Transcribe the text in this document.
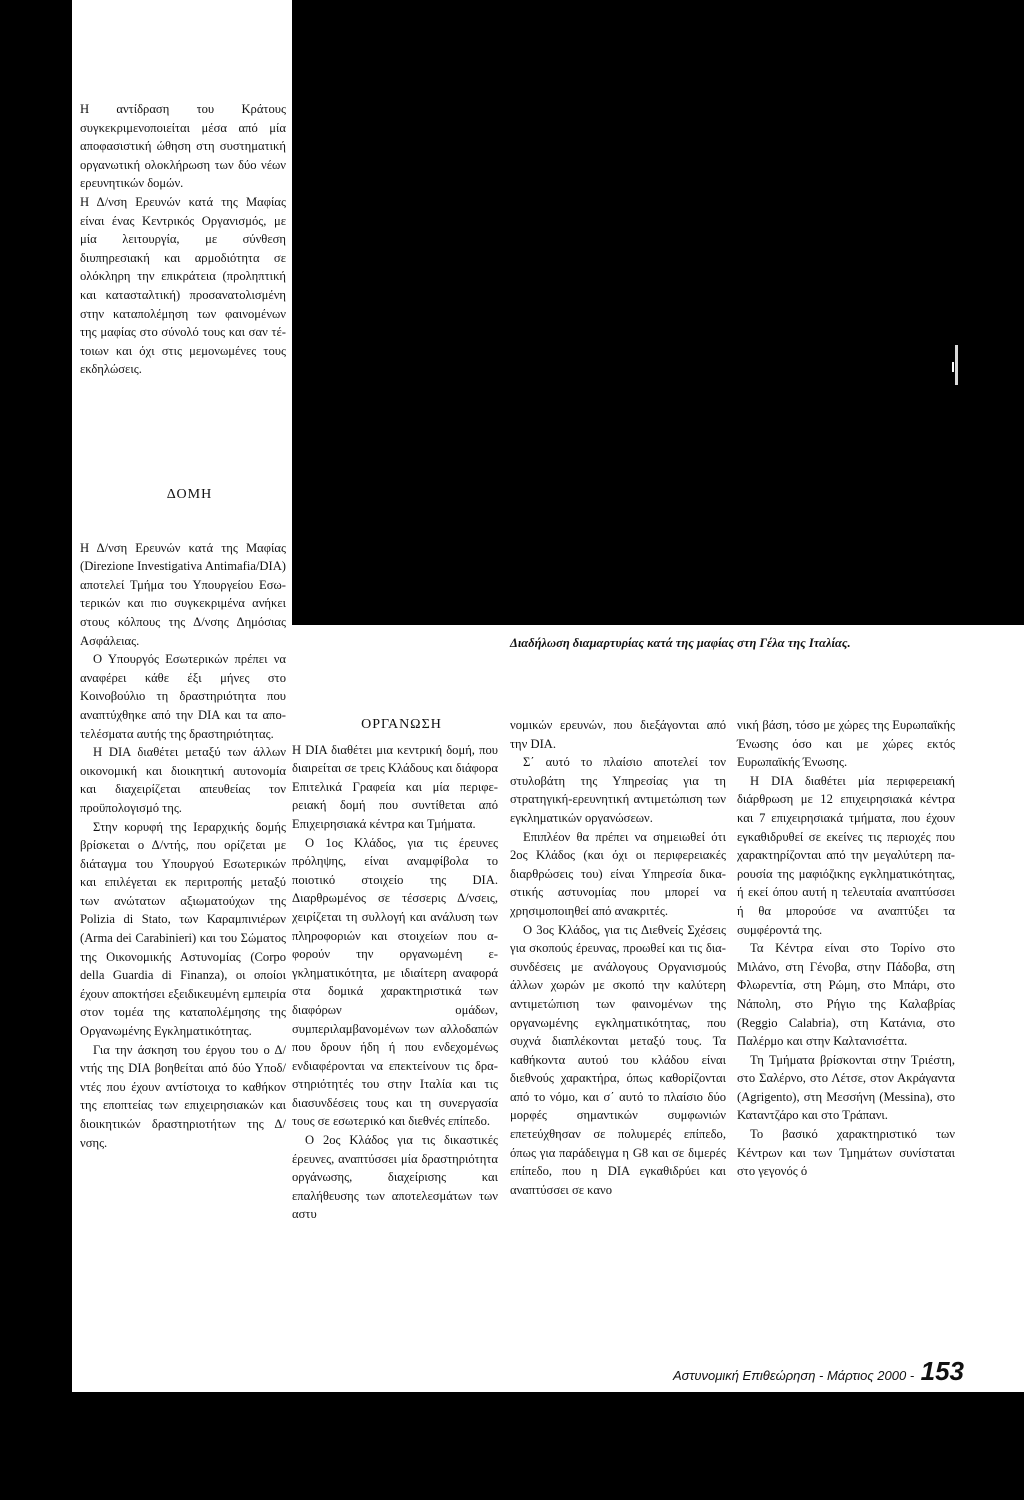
Η αντίδραση του Κράτους συγκεκριμενοποιείται μέσα από μία αποφασιστική ώθηση στη συστηματική οργανωτική ολοκλήρωση των δύο νέων ερευνητικών δομών.

Η Δ/νση Ερευνών κατά της Μαφίας είναι ένας Κεντρικός Οργανισμός, με μία λειτουργία, με σύνθεση διυπηρεσιακή και αρμοδιότητα σε ολόκληρη την επικράτεια (προληπτική και κατασταλτική) προσανατολισμένη στην καταπολέμηση των φαινομένων της μαφίας στο σύνολό τους και σαν τέτοιων και όχι στις μεμονωμένες τους εκδηλώσεις.

ΔΟΜΗ

Η Δ/νση Ερευνών κατά της Μαφίας (Direzione Investigativa Antimafia/DIA) αποτελεί Τμήμα του Υπουργείου Εσωτερικών και πιο συγκεκριμένα ανήκει στους κόλπους της Δ/νσης Δημόσιας Ασφάλειας.

Ο Υπουργός Εσωτερικών πρέπει να αναφέρει κάθε έξι μήνες στο Κοινοβούλιο τη δραστηριότητα που αναπτύχθηκε από την DIA και τα αποτελέσματα αυτής της δραστηριότητας.

Η DIA διαθέτει μεταξύ των άλλων οικονομική και διοικητική αυτονομία και διαχειρίζεται απευθείας τον προϋπολογισμό της.

Στην κορυφή της Ιεραρχικής δομής βρίσκεται ο Δ/ντής, που ορίζεται με διάταγμα του Υπουργού Εσωτερικών και επιλέγεται εκ περιτροπής μεταξύ των ανώτατων αξιωματούχων της Polizia di Stato, των Καραμπινιέρων (Arma dei Carabinieri) και του Σώματος της Οικονομικής Αστυνομίας (Corpo della Guardia di Finanza), οι οποίοι έχουν αποκτήσει εξειδικευμένη εμπειρία στον τομέα της καταπολέμησης της Οργανωμένης Εγκληματικότητας.

Για την άσκηση του έργου του ο Δ/ντής της DIA βοηθείται από δύο Υποδ/ντές που έχουν αντίστοιχα το καθήκον της εποπτείας των επιχειρησιακών και διοικητικών δραστηριοτήτων της Δ/νσης.

Διαδήλωση διαμαρτυρίας κατά της μαφίας στη Γέλα της Ιταλίας.

ΟΡΓΑΝΩΣΗ

Η DIA διαθέτει μια κεντρική δομή, που διαιρείται σε τρεις Κλάδους και διάφορα Επιτελικά Γραφεία και μία περιφερειακή δομή που συντίθεται από Επιχειρησιακά κέντρα και Τμήματα.

Ο 1ος Κλάδος, για τις έρευνες πρόληψης, είναι αναμφίβολα το ποιοτικό στοιχείο της DIA. Διαρθρωμένος σε τέσσερις Δ/νσεις, χειρίζεται τη συλλογή και ανάλυση των πληροφοριών και στοιχείων που αφορούν την οργανωμένη εγκληματικότητα, με ιδιαίτερη αναφορά στα δομικά χαρακτηριστικά των διαφόρων ομάδων, συμπεριλαμβανομένων των αλλοδαπών που δρουν ήδη ή που ενδεχομένως ενδιαφέρονται να επεκτείνουν τις δραστηριότητές του στην Ιταλία και τις διασυνδέσεις τους και τη συνεργασία τους σε εσωτερικό και διεθνές επίπεδο.

Ο 2ος Κλάδος για τις δικαστικές έρευνες, αναπτύσσει μία δραστηριότητα οργάνωσης, διαχείρισης και επαλήθευσης των αποτελεσμάτων των αστυ

νομικών ερευνών, που διεξάγονται από την DIA.

Σ΄ αυτό το πλαίσιο αποτελεί τον στυλοβάτη της Υπηρεσίας για τη στρατηγική-ερευνητική αντιμετώπιση των εγκληματικών οργανώσεων.

Επιπλέον θα πρέπει να σημειωθεί ότι 2ος Κλάδος (και όχι οι περιφερειακές διαρθρώσεις του) είναι Υπηρεσία δικαστικής αστυνομίας που μπορεί να χρησιμοποιηθεί από ανακριτές.

Ο 3ος Κλάδος, για τις Διεθνείς Σχέσεις για σκοπούς έρευνας, προωθεί και τις διασυνδέσεις με ανάλογους Οργανισμούς άλλων χωρών με σκοπό την καλύτερη αντιμετώπιση των φαινομένων της οργανωμένης εγκληματικότητας, που συχνά διαπλέκονται μεταξύ τους. Τα καθήκοντα αυτού του κλάδου είναι διεθνούς χαρακτήρα, όπως καθορίζονται από το νόμο, και σ΄ αυτό το πλαίσιο δύο μορφές σημαντικών συμφωνιών επετεύχθησαν σε πολυμερές επίπεδο, όπως για παράδειγμα η G8 και σε διμερές επίπεδο, που η DIA εγκαθιδρύει και αναπτύσσει σε κανο

νική βάση, τόσο με χώρες της Ευρωπαϊκής Ένωσης όσο και με χώρες εκτός Ευρωπαϊκής Ένωσης.

Η DIA διαθέτει μία περιφερειακή διάρθρωση με 12 επιχειρησιακά κέντρα και 7 επιχειρησιακά τμήματα, που έχουν εγκαθιδρυθεί σε εκείνες τις περιοχές που χαρακτηρίζονται από την μεγαλύτερη παρουσία της μαφιόζικης εγκληματικότητας, ή εκεί όπου αυτή η τελευταία αναπτύσσει ή θα μπορούσε να αναπτύξει τα συμφέροντά της.

Τα Κέντρα είναι στο Τορίνο στο Μιλάνο, στη Γένοβα, στην Πάδοβα, στη Φλωρεντία, στη Ρώμη, στο Μπάρι, στο Νάπολη, στο Ρήγιο της Καλαβρίας (Reggio Calabria), στη Κατάνια, στο Παλέρμο και στην Καλτανισέττα.

Τη Τμήματα βρίσκονται στην Τριέστη, στο Σαλέρνο, στο Λέτσε, στον Ακράγαντα (Agrigento), στη Μεσσήνη (Messina), στο Καταντζάρο και στο Τράπανι.

Το βασικό χαρακτηριστικό των Κέντρων και των Τμημάτων συνίσταται στο γεγονός ό

Αστυνομική Επιθεώρηση - Μάρτιος 2000 - 153
